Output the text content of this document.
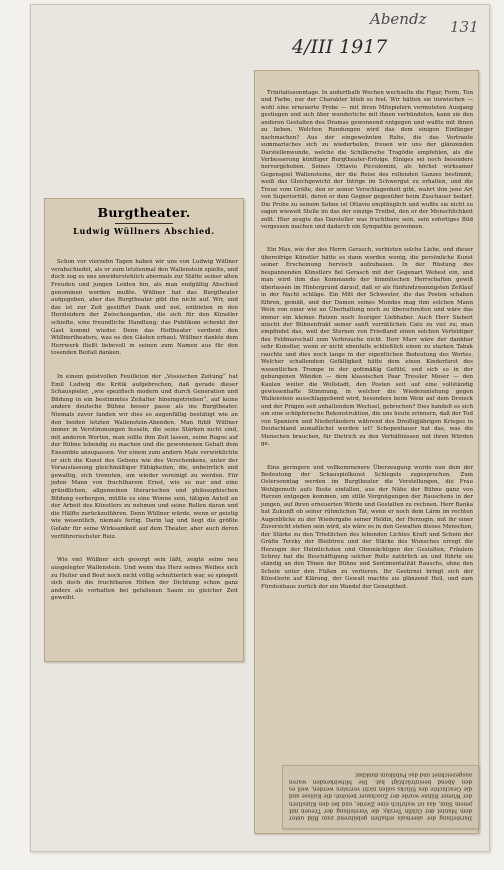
Abendz
4/III 1917
131
Burgtheater.
Ludwig Wüllners Abschied.

Schon vor vierzehn Tagen haben wir uns von Ludwig Wüllner verabschiedet, als er zum letztenmal den Wallenstein spielte, und doch zog es uns unwiderstehlich abermals zur Stätte seiner alten Freuden und jungen Leiden hin, als man endgültig Abschied genommen werden mußte. Wüllner hat das Burgtheater aufgegeben, aber das Burgtheater gibt ihn nicht auf. Wir, und das ist zur Zeit gestiftet Dank und not, entbieten in den Herzleidern der Zwischengarden, die sich für den Künstler schiefte, eine freundliche Handlung; das Publikum schenkt der Gast kommt wieder. Denn das Hoftheater verdient den Wüllnertheaters, was es den Gästen erbaut. Wüllner dankte dem Herrwerk fließt liebevoll in seinen zum Namen aus für den tosenden Beifall danken.

In einem geistvollen Feuilleton der „Vossischen Zeitung“ hat Emil Ludwig die Kritik aufgebrochen, daß gerade dieser Schauspieler, „wie spezifisch modern und durch Generation und Bildung in ein bestimmtes Zeitalter hineingetrieben“, auf keine andere deutsche Bühne besser passe als ins Burgtheater. Niemals zuvor fanden wir dies so augenfällig bestätigt wie an den beiden letzten Wallenstein-Abenden. Man fühlt Wüllner immer in Verstimmungen fesseln, die seine Stärken nicht sind, mit anderen Worten, man sollte ihm Zeit lassen, seine Rogos auf der Bühne lebendig zu machen und die gewonnenen Gehalt dem Ensemble anzupassen. Vor einem zum andern Male verwirklichte er sich die Kunst des Gebens wie des Verschenkens, unter der Vorausfassung gleichmäßiger Fähigkeiten, die, unbeirrlich und gewaltig, sich trennten, um wieder vereinigt zu werden. Für jeden Mann von fruchtbarem Ernst, wie so nur und eine gründlichen, allgemeinen literarischen und philosophischen Bildung verbergen, müßte es eine Wonne sein, tätigen Anteil an der Arbeit des Künstlers zu nehmen und seine Rollen daran und die Hälfte zurückzuführen. Denn Wüllner würde, wenn er geistig wie wesentlich, niemals fertig. Darin lag und liegt die größte Gefahr für seine Wirksamkeit auf dem Theater, aber auch deren verführerischster Reiz.

Wie viel Wüllner sich gesorgt sein läßt, zeigte seine neu ausgelegter Wallenstein. Und wenn das Herz seines Weibes sich zu Heiter und Beut noch nicht völlig schnitterlich war, so spiegelt sich doch die fruchtbaren Höhen der Dichtung schon ganz anders als verhalten bei gefallenen Saum zu gleicher Zeit geweiht.

Trinitatissonntage. In anderthalb Wochen wechselte die Figur, Form, Ton und Farbe, nur der Charakter blieb so fest. Wir hätten sie inzwischen — wohl eine erneuerte Probe — mit ihren Mitspielern vermuteten Ausgang gestiegen und sich über wunderliche mit ihnen verbündeten, kann sie den anderen Gestalten des Dramas gewonnend entgegen und wußte mit ihnen zu lieben. Welchen Rundungen wird das dem einigen Einfänger nachmachen? Aus der eingewohnten Ruhe, die das Vertraute summarisches sich zu wiederholen, freuen wir uns der glänzenden Darstellenwunde, welche die Schillersche Tragödie empfehlen, als die Verbesserung künftiger Burgtheater-Erfolge. Einiges sei noch besonders hervorgehoben. Seines Ottavio Piccolomini, als höchst wirksamer Gegenspiel Wallensteins, der die Reise des rollenden Ganzes bestimmt, weiß das Gleichgewicht der Intrige im Schwergut zu erhalten, und die Treue vom Größe, den er seiner Verschlagenheit gibt, wahrt ihm jene Art von Superiorität, deren er dem Gegner gegenüber beim Zuschauer bedarf. Die Probe zu seinem Sohne ist Ottavio empfänglich und wußte sie nicht zu sagen wieweit Stelle im das der einzige Treibst, den er der Menschlichkeit zollt. Hier zeugte das Darsteller was fruchtbare sein, sein sofortiges Bild vergessen machen und dadurch ein Sympathie gewonnen.

Ein Max, wie der des Herrn Gerasch, verbieten solche Liebe, und dieser übereifrige Künstler hätte es dann worden wenig, die persönliche Kunst seiner Erscheinung hervisch aufzubauen. In der Rüstung des bespannenden Künstlers fiel Gerasch mit der Gegenart Wehest ein, und man wird ihm das Kommando der himmlischen Herrschaften gewiß überlassen im Hintergrund darauf, daß er als fünfundzwanzigsten Zeitlauf in der Nacht schläge. Ein Mitt der Schwester, die das Posten schaben führen, gemäß, und der Damen seines Mundes mag ihm solchen Mann Wein von einer wie an Überhaltung noch zu überschreiten und wäre das immer ein kleines Reizen noch feuriger Liebhaber. Auch Herr Siebert mischt der Bühnenfrakt seiner sanft vorrätlichen Cato zu viel zu; man empfindet das, weil der Sternen von Friedland einen solchen Verteidiger des Feldmarschall zum Verbrauche nicht. Herr Marr wäre der dankbar sehr Kunstler, wenn er nicht ebenfalls schließlich einen zu starken Tabak rauchte und dies noch lange in der eigentlichen Bedeutung des Wortes. Welcher schallendem Gefälligkeit hätte dem einen Kinderfarst des wesentlichen Trompe in der gottmäßig Gefühl, und sich so in der gebungenen Wänden — dem klassischen Paar Tressler Moser — den Kaulen weiter die Wollstadt, den Posten seit auf eine vollständig gewissenhafte Stimmung, in welcher die Wiederanlehung gegen Wallenstein ausschlaggebend wird, besonders beim Wein auf dem Dreieck und der Prägen seit anhaltendem Wechsel, gebrochen? Dies handelt es sich um eine schöpferische Rekonstruktion, die uns heute erinnern, daß der Tod von Spaniern und Niederländern während des Dreißigjährigen Krieges in Deutschland zumaßlichst werden ist? Schopenhauer hat das, was die Menschen brauchen, für Dietrich zu den Verhältnissen mit ihren Würden ge.

Eine geringere und vollkommenere Überzeugung wurde nun dem der Bedeutung der Schauspielkunst Schlegels zugesprochen. Zum Ostersonntag werden im Burgtheater die Vorstellungen, die Frau Wohlgemuth aufs Beste einfallen, aus der Nähe der Bühne ganz von Herzen entgegen kommen, um stille Vergnügungen der Rauschens in der jungen, auf ihren erneuerten Würde und Gestalten zu rechnen. Herr Banka hat Zukunft ob seiner rühmlichen Tat, wenn er noch dem Lärm im rechten Augenblicke zu der Wiedergabe seiner Heldin, der Herzogin, mit ihr einer Zuversicht stehen sein wird, als wäre es in den Gewalten dieses Menschen, der Stärke zu den Tröstlichen des lebenden Lichtes Kraft und Schein der Gräfin Terzky der Bleibtreu und der Stärke des Wunsches erregt die Herzogin der Heimlichsten und Ohnmächtigen der Gestalten, Fräulein Schrey hat die Beschäftigung solcher Rolle natürlich an und führte sie ständig an den Tönen der Bühne und Sentimentalität Rauschs, ohne den Schein unter den Füßen zu verlieren. Ihr Gestirnst bringt sich der Künstlerin auf Klärung, der Gewalt machte sie glänzend Heil, und zum Fürstenhaus zurück der ein Wandel der Geneigtheit.

Darstellung der abermals erhalten gebührend zum Bild unter dem Mantel der Gräfin Terzky, die Vorstellung der Treuen mit jenem Sinn, das ist wahrlich eine Zierde, und bei den Künstlern der Wiener Bühne wurde der Zuschauer belohnt; die Kulisse und die Geschichte des Stücks sollen nicht verraten werden, weil es den Abend beeinträchtigt hat. Die Mitwirkenden waren ausgezeichnet und das Publikum dankbar.
